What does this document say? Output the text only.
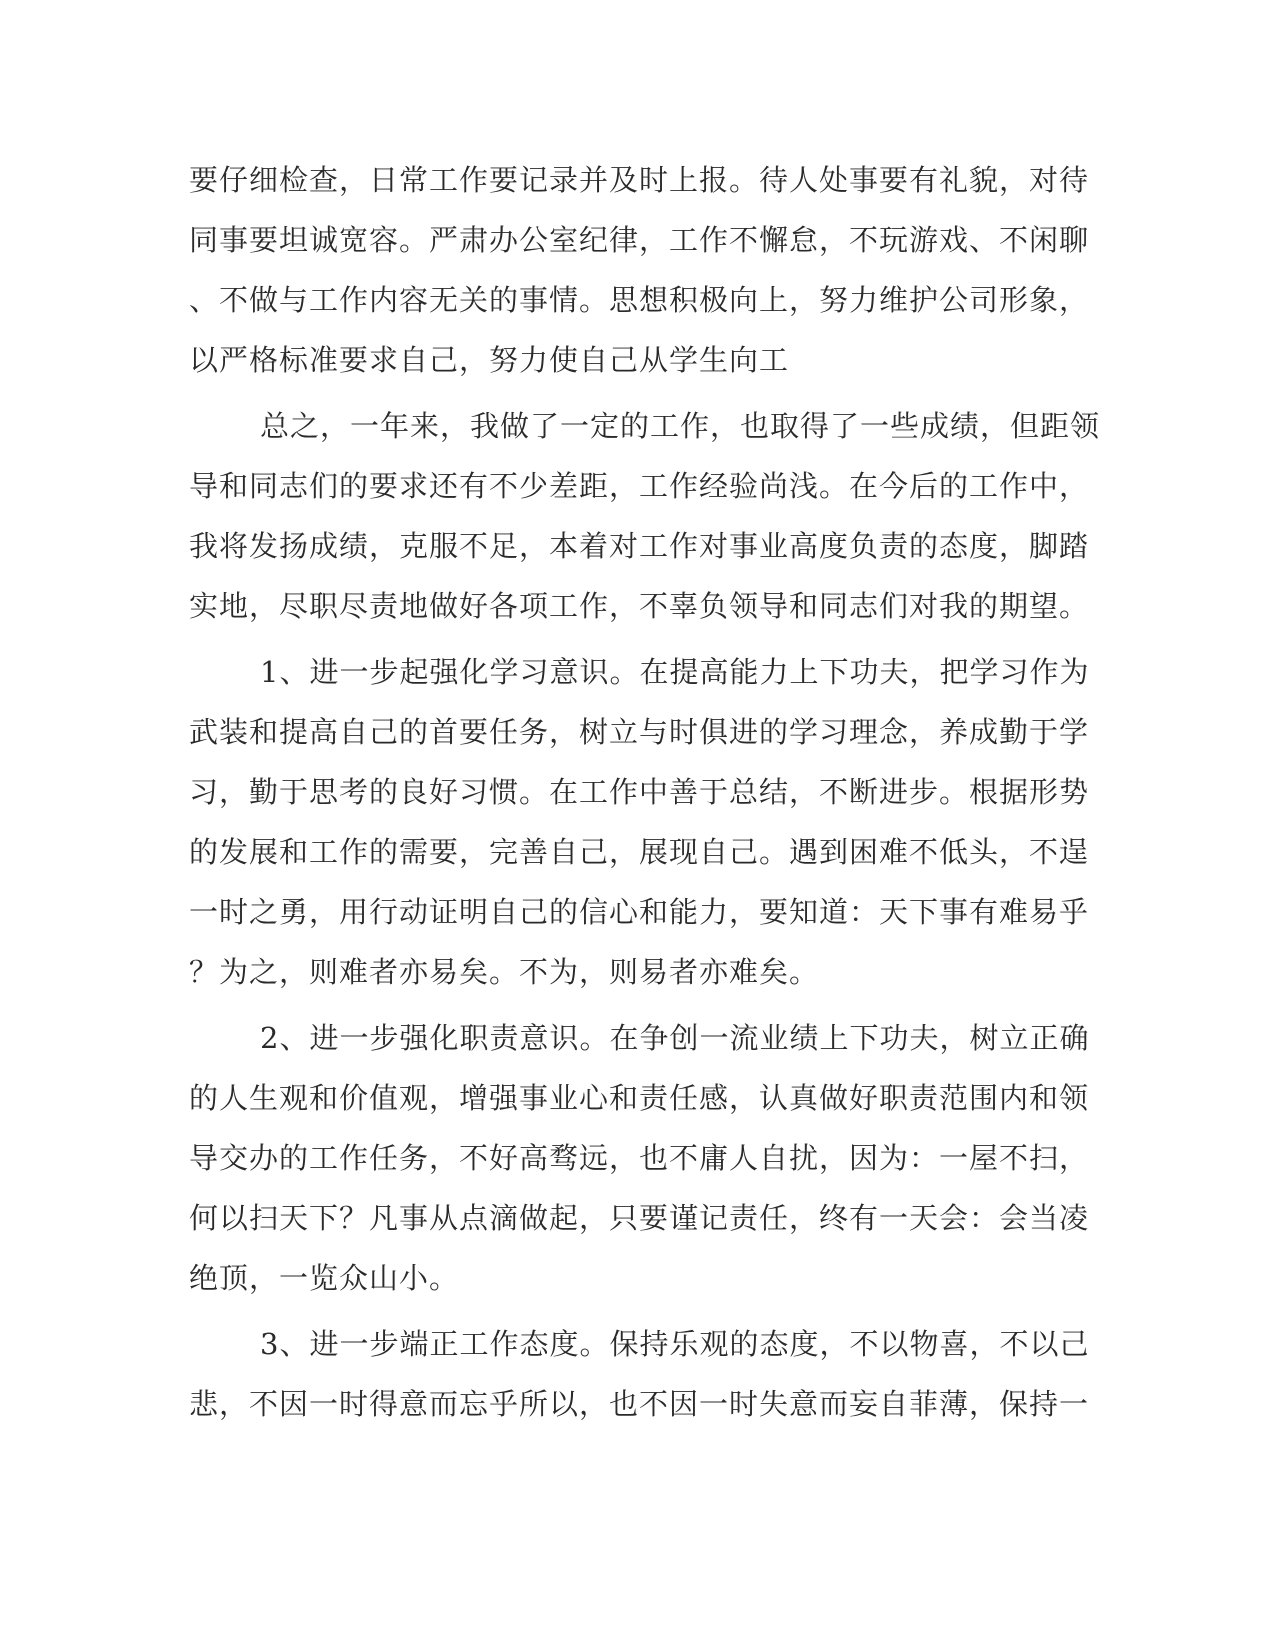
要仔细检查，日常工作要记录并及时上报。待人处事要有礼貌，对待
同事要坦诚宽容。严肃办公室纪律，工作不懈怠，不玩游戏、不闲聊
、不做与工作内容无关的事情。思想积极向上，努力维护公司形象，
以严格标准要求自己，努力使自己从学生向工
总之，一年来，我做了一定的工作，也取得了一些成绩，但距领
导和同志们的要求还有不少差距，工作经验尚浅。在今后的工作中，
我将发扬成绩，克服不足，本着对工作对事业高度负责的态度，脚踏
实地，尽职尽责地做好各项工作，不辜负领导和同志们对我的期望。
1、进一步起强化学习意识。在提高能力上下功夫，把学习作为
武装和提高自己的首要任务，树立与时俱进的学习理念，养成勤于学
习，勤于思考的良好习惯。在工作中善于总结，不断进步。根据形势
的发展和工作的需要，完善自己，展现自己。遇到困难不低头，不逞
一时之勇，用行动证明自己的信心和能力，要知道：天下事有难易乎
？为之，则难者亦易矣。不为，则易者亦难矣。
2、进一步强化职责意识。在争创一流业绩上下功夫，树立正确
的人生观和价值观，增强事业心和责任感，认真做好职责范围内和领
导交办的工作任务，不好高骛远，也不庸人自扰，因为：一屋不扫，
何以扫天下？凡事从点滴做起，只要谨记责任，终有一天会：会当凌
绝顶，一览众山小。
3、进一步端正工作态度。保持乐观的态度，不以物喜，不以己
悲，不因一时得意而忘乎所以，也不因一时失意而妄自菲薄，保持一
